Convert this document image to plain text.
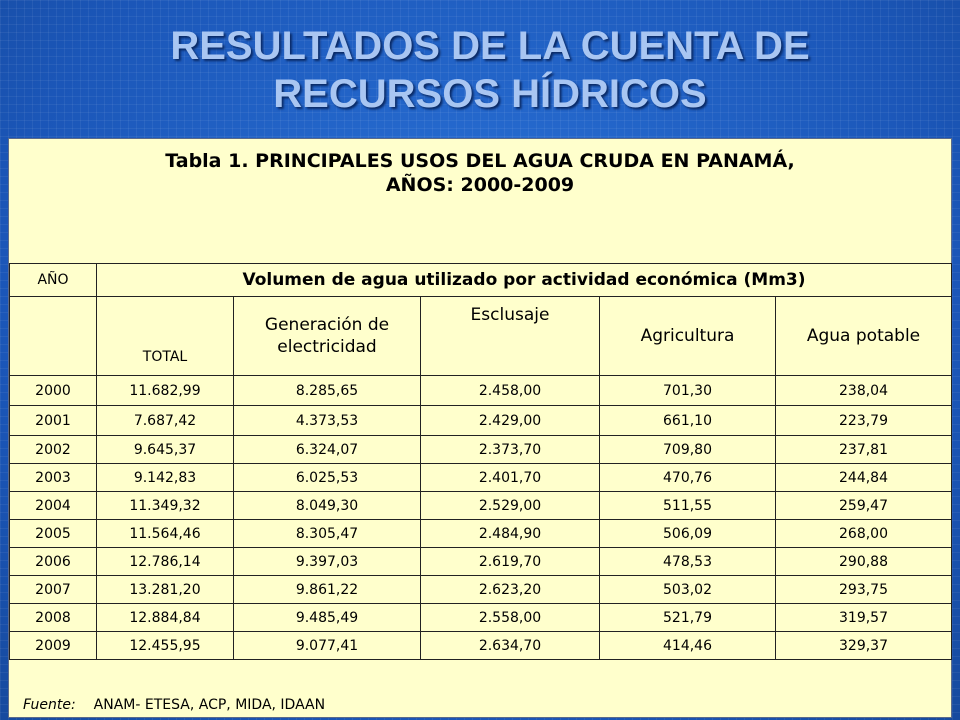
RESULTADOS DE LA CUENTA DE
RECURSOS HÍDRICOS
Tabla 1. PRINCIPALES USOS DEL AGUA CRUDA EN PANAMÁ,
AÑOS: 2000-2009
AÑO	Volumen de agua utilizado por actividad económica (Mm3)				
	TOTAL	Generación de electricidad	Esclusaje	Agricultura	Agua potable
2000	11.682,99	8.285,65	2.458,00	701,30	238,04
2001	7.687,42	4.373,53	2.429,00	661,10	223,79
2002	9.645,37	6.324,07	2.373,70	709,80	237,81
2003	9.142,83	6.025,53	2.401,70	470,76	244,84
2004	11.349,32	8.049,30	2.529,00	511,55	259,47
2005	11.564,46	8.305,47	2.484,90	506,09	268,00
2006	12.786,14	9.397,03	2.619,70	478,53	290,88
2007	13.281,20	9.861,22	2.623,20	503,02	293,75
2008	12.884,84	9.485,49	2.558,00	521,79	319,57
2009	12.455,95	9.077,41	2.634,70	414,46	329,37
Fuente: ANAM- ETESA, ACP, MIDA, IDAAN
